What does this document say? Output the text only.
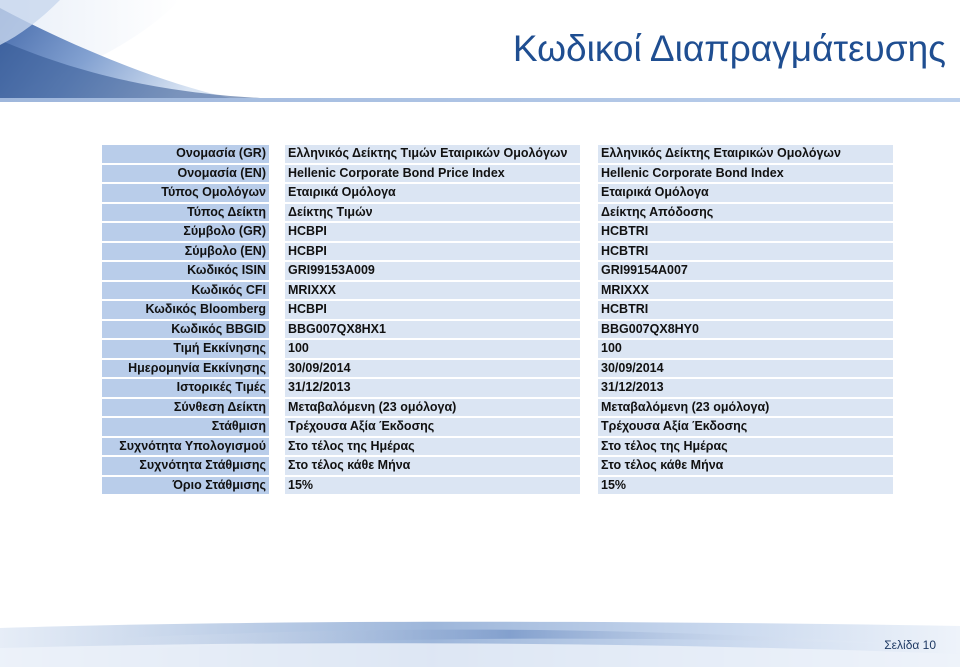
Κωδικοί Διαπραγμάτευσης
Ονομασία (GR)
Ονομασία (EN)
Τύπος Ομολόγων
Τύπος Δείκτη
Σύμβολο (GR)
Σύμβολο (EN)
Κωδικός ISIN
Κωδικός CFI
Κωδικός Bloomberg
Κωδικός BBGID
Τιμή Εκκίνησης
Ημερομηνία Εκκίνησης
Ιστορικές Τιμές
Σύνθεση Δείκτη
Στάθμιση
Συχνότητα Υπολογισμού
Συχνότητα Στάθμισης
Όριο Στάθμισης
Ελληνικός Δείκτης Τιμών Εταιρικών Ομολόγων
Hellenic Corporate Bond Price Index
Εταιρικά Ομόλογα
Δείκτης Τιμών
HCBPI
HCBPI
GRI99153A009
MRIXXX
HCBPI
BBG007QX8HX1
100
30/09/2014
31/12/2013
Μεταβαλόμενη (23 ομόλογα)
Τρέχουσα Αξία Έκδοσης
Στο τέλος της Ημέρας
Στο τέλος κάθε Μήνα
15%
Ελληνικός Δείκτης Εταιρικών Ομολόγων
Hellenic Corporate Bond Index
Εταιρικά Ομόλογα
Δείκτης Απόδοσης
HCBTRI
HCBTRI
GRI99154A007
MRIXXX
HCBTRI
BBG007QX8HY0
100
30/09/2014
31/12/2013
Μεταβαλόμενη (23 ομόλογα)
Τρέχουσα Αξία Έκδοσης
Στο τέλος της Ημέρας
Στο τέλος κάθε Μήνα
15%
Σελίδα 10
